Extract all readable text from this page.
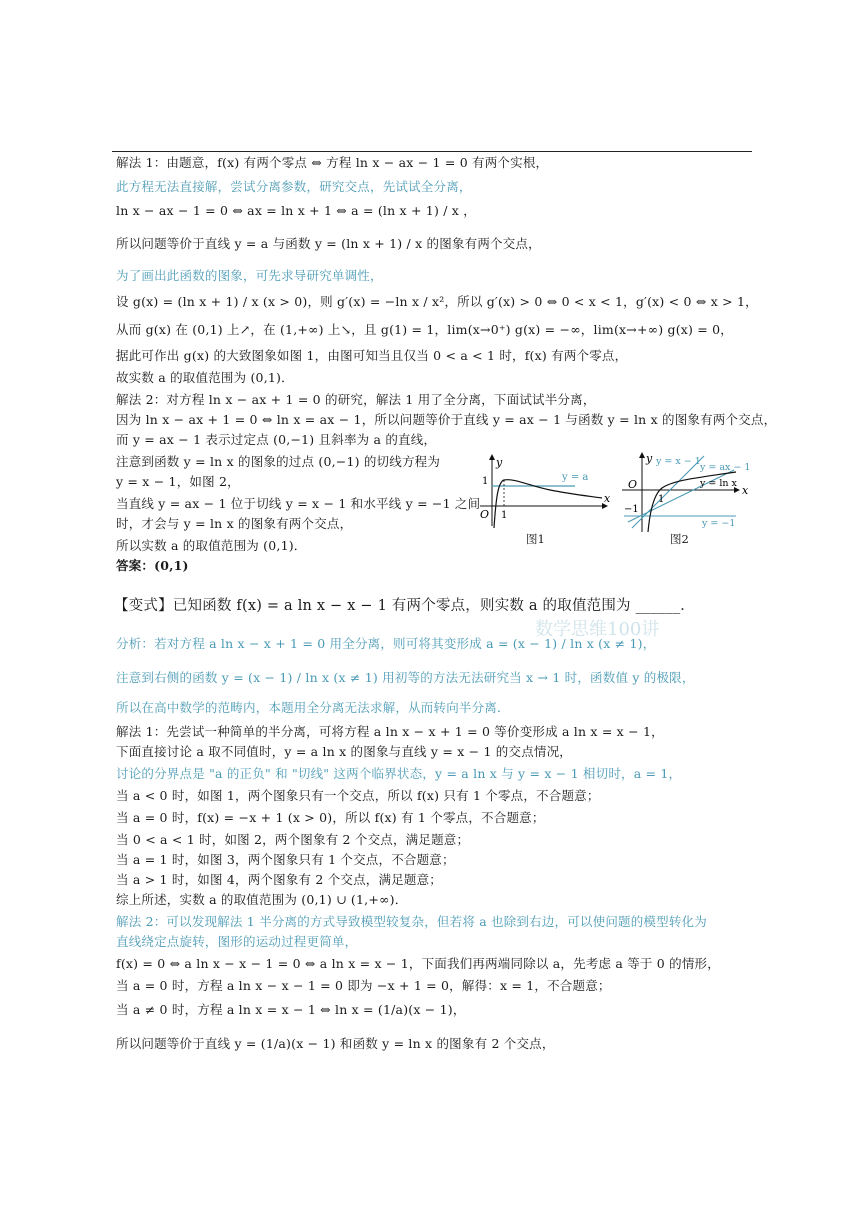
解法 1：由题意，f(x) 有两个零点 ⇔ 方程 ln x − ax − 1 = 0 有两个实根，
此方程无法直接解，尝试分离参数，研究交点，先试试全分离，
ln x − ax − 1 = 0 ⇔ ax = ln x + 1 ⇔ a = (ln x + 1) / x ，
所以问题等价于直线 y = a 与函数 y = (ln x + 1) / x 的图象有两个交点，
为了画出此函数的图象，可先求导研究单调性，
设 g(x) = (ln x + 1) / x (x > 0)，则 g′(x) = −ln x / x²，所以 g′(x) > 0 ⇔ 0 < x < 1，g′(x) < 0 ⇔ x > 1，
从而 g(x) 在 (0,1) 上↗，在 (1,+∞) 上↘，且 g(1) = 1，lim(x→0⁺) g(x) = −∞，lim(x→+∞) g(x) = 0，
据此可作出 g(x) 的大致图象如图 1，由图可知当且仅当 0 < a < 1 时，f(x) 有两个零点，
故实数 a 的取值范围为 (0,1)．
解法 2：对方程 ln x − ax + 1 = 0 的研究，解法 1 用了全分离，下面试试半分离，
因为 ln x − ax + 1 = 0 ⇔ ln x = ax − 1，所以问题等价于直线 y = ax − 1 与函数 y = ln x 的图象有两个交点，
而 y = ax − 1 表示过定点 (0,−1) 且斜率为 a 的直线，
注意到函数 y = ln x 的图象的过点 (0,−1) 的切线方程为
y = x − 1，如图 2，
当直线 y = ax − 1 位于切线 y = x − 1 和水平线 y = −1 之间
时，才会与 y = ln x 的图象有两个交点，
所以实数 a 的取值范围为 (0,1)．
答案：(0,1)
y
x
O
1
1
y = a
图1
y
x
O
1
−1
y = x − 1
y = ax − 1
y = ln x
y = −1
图2
【变式】已知函数 f(x) = a ln x − x − 1 有两个零点，则实数 a 的取值范围为 ______．
数学思维100讲
分析：若对方程 a ln x − x + 1 = 0 用全分离，则可将其变形成 a = (x − 1) / ln x (x ≠ 1)，
注意到右侧的函数 y = (x − 1) / ln x (x ≠ 1) 用初等的方法无法研究当 x → 1 时，函数值 y 的极限，
所以在高中数学的范畴内，本题用全分离无法求解，从而转向半分离．
解法 1：先尝试一种简单的半分离，可将方程 a ln x − x + 1 = 0 等价变形成 a ln x = x − 1，
下面直接讨论 a 取不同值时，y = a ln x 的图象与直线 y = x − 1 的交点情况，
讨论的分界点是 "a 的正负" 和 "切线" 这两个临界状态，y = a ln x 与 y = x − 1 相切时，a = 1，
当 a < 0 时，如图 1，两个图象只有一个交点，所以 f(x) 只有 1 个零点，不合题意；
当 a = 0 时，f(x) = −x + 1 (x > 0)，所以 f(x) 有 1 个零点，不合题意；
当 0 < a < 1 时，如图 2，两个图象有 2 个交点，满足题意；
当 a = 1 时，如图 3，两个图象只有 1 个交点，不合题意；
当 a > 1 时，如图 4，两个图象有 2 个交点，满足题意；
综上所述，实数 a 的取值范围为 (0,1) ∪ (1,+∞)．
解法 2：可以发现解法 1 半分离的方式导致模型较复杂，但若将 a 也除到右边，可以使问题的模型转化为
直线绕定点旋转，图形的运动过程更简单，
f(x) = 0 ⇔ a ln x − x − 1 = 0 ⇔ a ln x = x − 1，下面我们再两端同除以 a，先考虑 a 等于 0 的情形，
当 a = 0 时，方程 a ln x − x − 1 = 0 即为 −x + 1 = 0，解得：x = 1，不合题意；
当 a ≠ 0 时，方程 a ln x = x − 1 ⇔ ln x = (1/a)(x − 1)，
所以问题等价于直线 y = (1/a)(x − 1) 和函数 y = ln x 的图象有 2 个交点，
